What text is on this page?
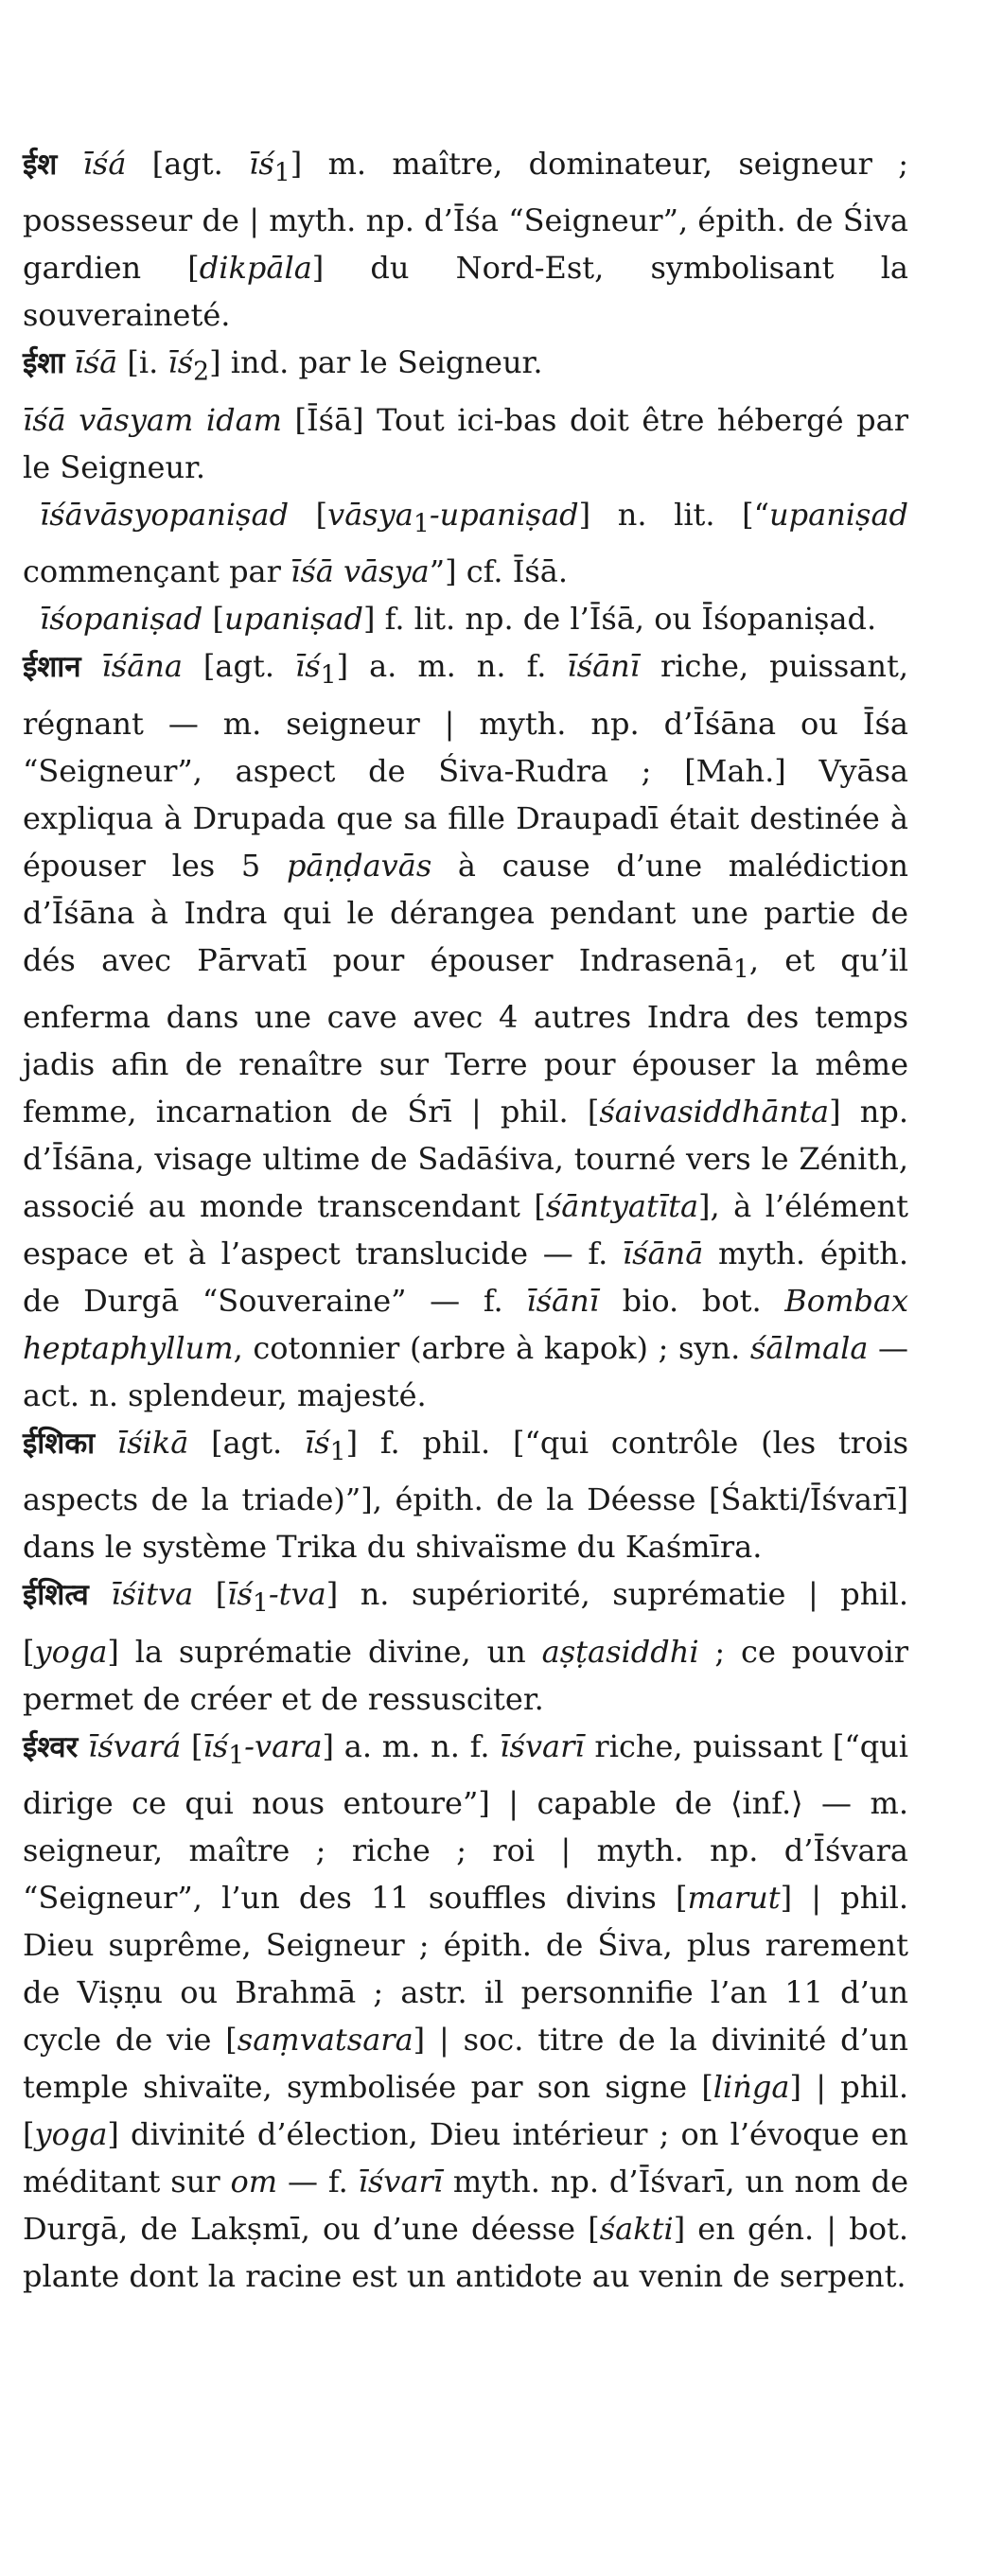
ईश īśá [agt. $īś_1$] m. maître, dominateur, seigneur ; possesseur de | myth. np. d’Īśa “Seigneur”, épith. de Śiva gardien [dikpāla] du Nord-Est, symbolisant la souveraineté.

ईशा īśā [i. $īś_2$] ind. par le Seigneur.

īśā vāsyam idam [Īśā] Tout ici-bas doit être hébergé par le Seigneur.

īśāvāsyopaniṣad [vāsya$_1$-upaniṣad] n. lit. [“upaniṣad commençant par īśā vāsya”] cf. Īśā.

īśopaniṣad [upaniṣad] f. lit. np. de l’Īśā, ou Īśopaniṣad.

ईशान īśāna [agt. $īś_1$] a. m. n. f. īśānī riche, puissant, régnant — m. seigneur | myth. np. d’Īśāna ou Īśa “Seigneur”, aspect de Śiva-Rudra ; [Mah.] Vyāsa expliqua à Drupada que sa fille Draupadī était destinée à épouser les 5 pāṇḍavās à cause d’une malédiction d’Īśāna à Indra qui le dérangea pendant une partie de dés avec Pārvatī pour épouser Indrasenā$_1$, et qu’il enferma dans une cave avec 4 autres Indra des temps jadis afin de renaître sur Terre pour épouser la même femme, incarnation de Śrī | phil. [śaivasiddhānta] np. d’Īśāna, visage ultime de Sadāśiva, tourné vers le Zénith, associé au monde transcendant [śāntyatīta], à l’élément espace et à l’aspect translucide — f. īśānā myth. épith. de Durgā “Souveraine” — f. īśānī bio. bot. Bombax heptaphyllum, cotonnier (arbre à kapok) ; syn. śālmala — act. n. splendeur, majesté.

ईशिका īśikā [agt. $īś_1$] f. phil. [“qui contrôle (les trois aspects de la triade)”], épith. de la Déesse [Śakti/Īśvarī] dans le système Trika du shivaïsme du Kaśmīra.

ईशित्व īśitva $[īś_1-tva]$ n. supériorité, suprématie | phil. [yoga] la suprématie divine, un aṣṭasiddhi ; ce pouvoir permet de créer et de ressusciter.

ईश्वर īśvará $[īś_1-vara]$ a. m. n. f. īśvarī riche, puissant [“qui dirige ce qui nous entoure”] | capable de ⟨inf.⟩ — m. seigneur, maître ; riche ; roi | myth. np. d’Īśvara “Seigneur”, l’un des 11 souffles divins [marut] | phil. Dieu suprême, Seigneur ; épith. de Śiva, plus rarement de Viṣṇu ou Brahmā ; astr. il personnifie l’an 11 d’un cycle de vie [saṃvatsara] | soc. titre de la divinité d’un temple shivaïte, symbolisée par son signe [liṅga] | phil. [yoga] divinité d’élection, Dieu intérieur ; on l’évoque en méditant sur om — f. īśvarī myth. np. d’Īśvarī, un nom de Durgā, de Lakṣmī, ou d’une déesse [śakti] en gén. | bot. plante dont la racine est un antidote au venin de serpent.
